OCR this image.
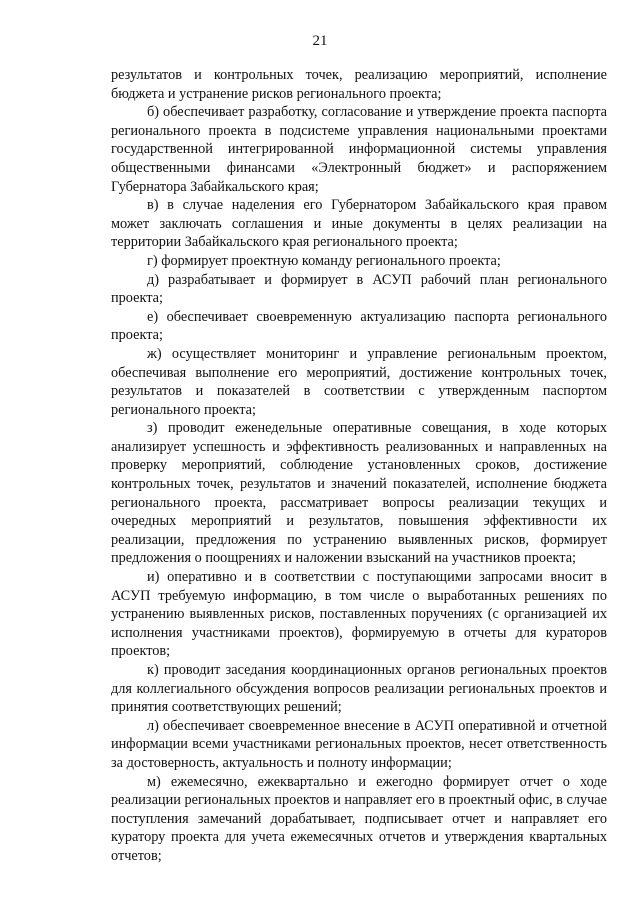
21

результатов и контрольных точек, реализацию мероприятий, исполнение бюджета и устранение рисков регионального проекта;

б) обеспечивает разработку, согласование и утверждение проекта паспорта регионального проекта в подсистеме управления национальными проектами государственной интегрированной информационной системы управления общественными финансами «Электронный бюджет» и распоряжением Губернатора Забайкальского края;

в) в случае наделения его Губернатором Забайкальского края правом может заключать соглашения и иные документы в целях реализации на территории Забайкальского края регионального проекта;

г) формирует проектную команду регионального проекта;

д) разрабатывает и формирует в АСУП рабочий план регионального проекта;

е) обеспечивает своевременную актуализацию паспорта регионального проекта;

ж) осуществляет мониторинг и управление региональным проектом, обеспечивая выполнение его мероприятий, достижение контрольных точек, результатов и показателей в соответствии с утвержденным паспортом регионального проекта;

з) проводит еженедельные оперативные совещания, в ходе которых анализирует успешность и эффективность реализованных и направленных на проверку мероприятий, соблюдение установленных сроков, достижение контрольных точек, результатов и значений показателей, исполнение бюджета регионального проекта, рассматривает вопросы реализации текущих и очередных мероприятий и результатов, повышения эффективности их реализации, предложения по устранению выявленных рисков, формирует предложения о поощрениях и наложении взысканий на участников проекта;

и) оперативно и в соответствии с поступающими запросами вносит в АСУП требуемую информацию, в том числе о выработанных решениях по устранению выявленных рисков, поставленных поручениях (с организацией их исполнения участниками проектов), формируемую в отчеты для кураторов проектов;

к) проводит заседания координационных органов региональных проектов для коллегиального обсуждения вопросов реализации региональных проектов и принятия соответствующих решений;

л) обеспечивает своевременное внесение в АСУП оперативной и отчетной информации всеми участниками региональных проектов, несет ответственность за достоверность, актуальность и полноту информации;

м) ежемесячно, ежеквартально и ежегодно формирует отчет о ходе реализации региональных проектов и направляет его в проектный офис, в случае поступления замечаний дорабатывает, подписывает отчет и направляет его куратору проекта для учета ежемесячных отчетов и утверждения квартальных отчетов;
